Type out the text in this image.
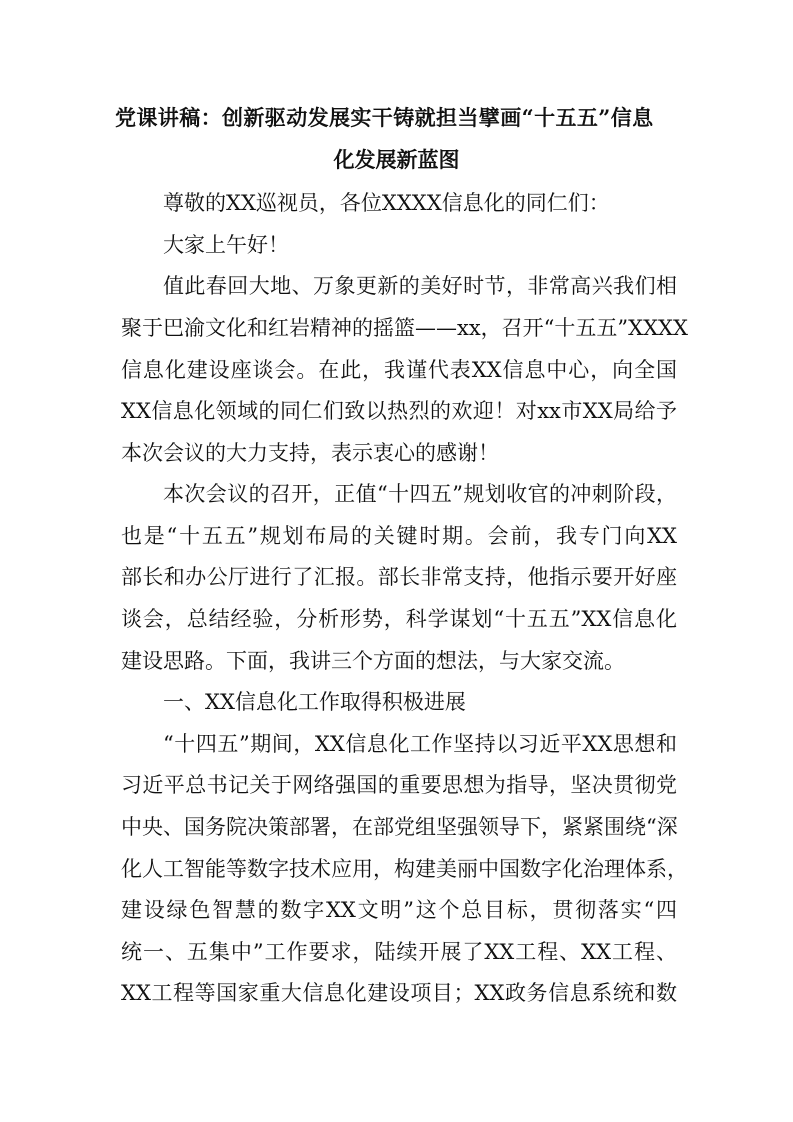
党课讲稿：创新驱动发展实干铸就担当擘画“十五五”信息
化发展新蓝图
尊敬的XX巡视员，各位XXXX信息化的同仁们：
大家上午好！
值此春回大地、万象更新的美好时节，非常高兴我们相
聚于巴渝文化和红岩精神的摇篮——xx，召开“十五五”XXXX
信息化建设座谈会。在此，我谨代表XX信息中心，向全国
XX信息化领域的同仁们致以热烈的欢迎！对xx市XX局给予
本次会议的大力支持，表示衷心的感谢！
本次会议的召开，正值“十四五”规划收官的冲刺阶段，
也是“十五五”规划布局的关键时期。会前，我专门向XX
部长和办公厅进行了汇报。部长非常支持，他指示要开好座
谈会，总结经验，分析形势，科学谋划“十五五”XX信息化
建设思路。下面，我讲三个方面的想法，与大家交流。
一、XX信息化工作取得积极进展
“十四五”期间，XX信息化工作坚持以习近平XX思想和
习近平总书记关于网络强国的重要思想为指导，坚决贯彻党
中央、国务院决策部署，在部党组坚强领导下，紧紧围绕“深
化人工智能等数字技术应用，构建美丽中国数字化治理体系，
建设绿色智慧的数字XX文明”这个总目标，贯彻落实“四
统一、五集中”工作要求，陆续开展了XX工程、XX工程、
XX工程等国家重大信息化建设项目；XX政务信息系统和数
